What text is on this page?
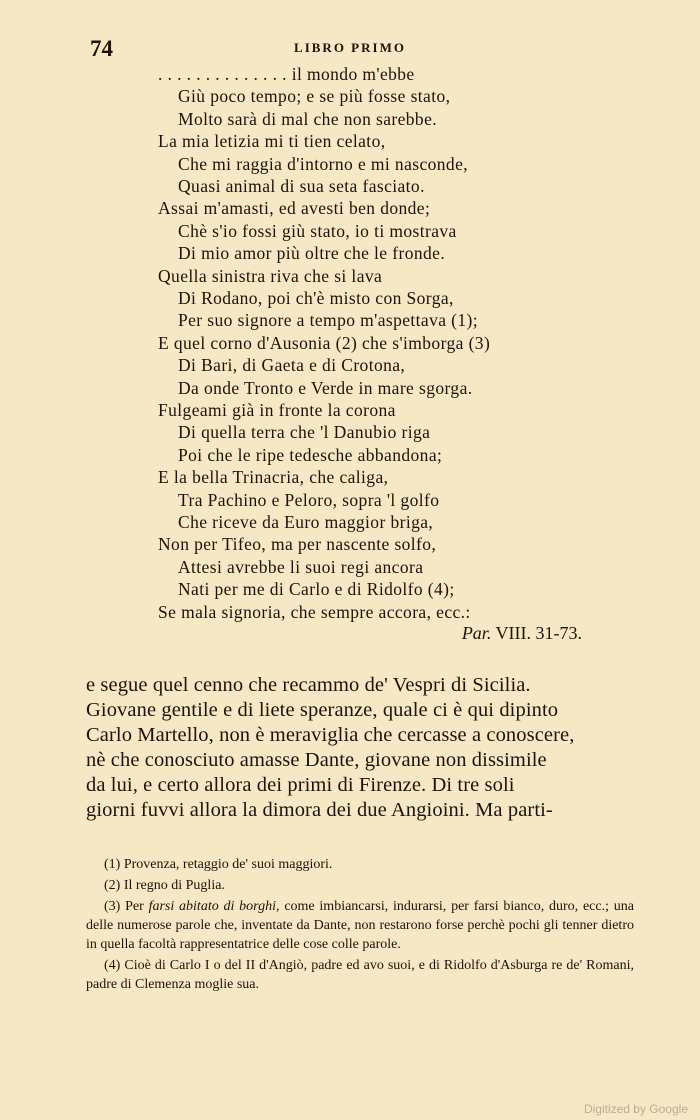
74	LIBRO PRIMO
. . . . . . . . . . . . . . il mondo m'ebbe
Giù poco tempo; e se più fosse stato,
Molto sarà di mal che non sarebbe.
La mia letizia mi ti tien celato,
Che mi raggia d'intorno e mi nasconde,
Quasi animal di sua seta fasciato.
Assai m'amasti, ed avesti ben donde;
Chè s'io fossi giù stato, io ti mostrava
Di mio amor più oltre che le fronde.
Quella sinistra riva che si lava
Di Rodano, poi ch'è misto con Sorga,
Per suo signore a tempo m'aspettava (1);
E quel corno d'Ausonia (2) che s'imborga (3)
Di Bari, di Gaeta e di Crotona,
Da onde Tronto e Verde in mare sgorga.
Fulgeami già in fronte la corona
Di quella terra che 'l Danubio riga
Poi che le ripe tedesche abbandona;
E la bella Trinacria, che caliga,
Tra Pachino e Peloro, sopra 'l golfo
Che riceve da Euro maggior briga,
Non per Tifeo, ma per nascente solfo,
Attesi avrebbe li suoi regi ancora
Nati per me di Carlo e di Ridolfo (4);
Se mala signoria, che sempre accora, ecc.:
Par. VIII. 31-73.
e segue quel cenno che recammo de' Vespri di Sicilia.
Giovane gentile e di liete speranze, quale ci è qui dipinto
Carlo Martello, non è meraviglia che cercasse a conoscere,
nè che conosciuto amasse Dante, giovane non dissimile
da lui, e certo allora dei primi di Firenze. Di tre soli
giorni fuvvi allora la dimora dei due Angioini. Ma parti-

(1) Provenza, retaggio de' suoi maggiori.

(2) Il regno di Puglia.

(3) Per farsi abitato di borghi, come imbiancarsi, indurarsi, per farsi bianco, duro, ecc.; una delle numerose parole che, inventate da Dante, non restarono forse perchè pochi gli tenner dietro in quella facoltà rappresentatrice delle cose colle parole.

(4) Cioè di Carlo I o del II d'Angiò, padre ed avo suoi, e di Ridolfo d'Asburga re de' Romani, padre di Clemenza moglie sua.

Digitized by Google
